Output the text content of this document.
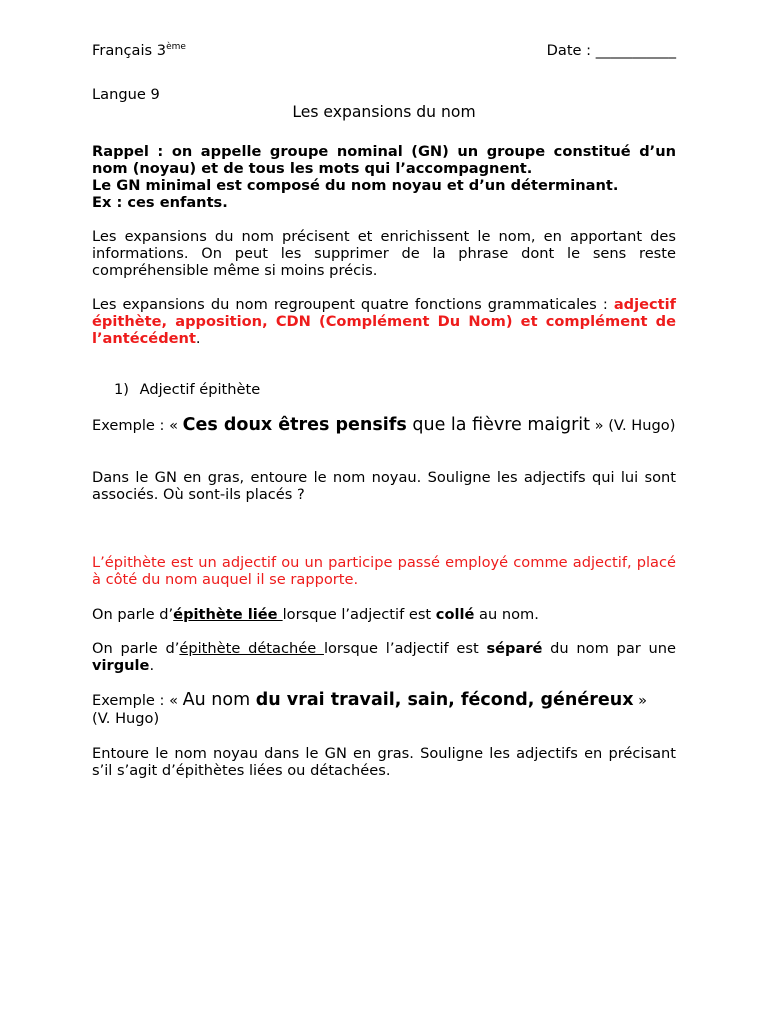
Français 3ème	Date : ___________
Langue 9
Les expansions du nom

Rappel : on appelle groupe nominal (GN) un groupe constitué d’un nom (noyau) et de tous les mots qui l’accompagnent.

Le GN minimal est composé du nom noyau et d’un déterminant.

Ex : ces enfants.

Les expansions du nom précisent et enrichissent le nom, en apportant des informations. On peut les supprimer de la phrase dont le sens reste compréhensible même si moins précis.

Les expansions du nom regroupent quatre fonctions grammaticales : adjectif épithète, apposition, CDN (Complément Du Nom) et complément de l’antécédent.

1) Adjectif épithète

Exemple : « Ces doux êtres pensifs que la fièvre maigrit » (V. Hugo)

Dans le GN en gras, entoure le nom noyau. Souligne les adjectifs qui lui sont associés. Où sont-ils placés ?

L’épithète est un adjectif ou un participe passé employé comme adjectif, placé à côté du nom auquel il se rapporte.

On parle d’épithète liée lorsque l’adjectif est collé au nom.

On parle d’épithète détachée lorsque l’adjectif est séparé du nom par une virgule.

Exemple : « Au nom du vrai travail, sain, fécond, généreux »

(V. Hugo)

Entoure le nom noyau dans le GN en gras. Souligne les adjectifs en précisant s’il s’agit d’épithètes liées ou détachées.
